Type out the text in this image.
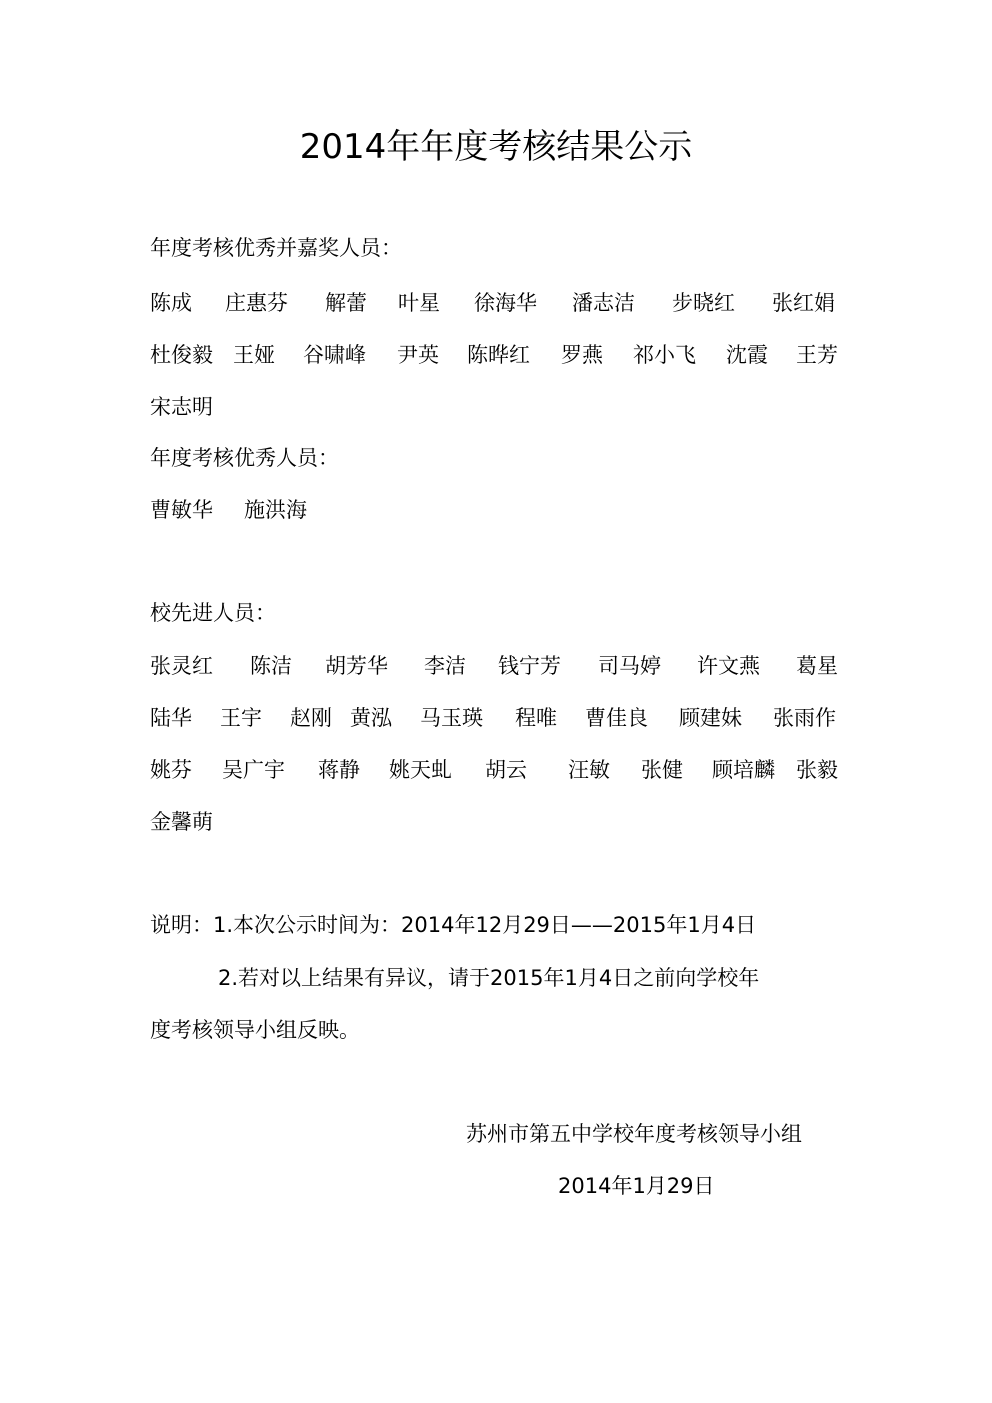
2014年年度考核结果公示
年度考核优秀并嘉奖人员：
陈成 庄惠芬 解蕾 叶星 徐海华 潘志洁 步晓红 张红娟
杜俊毅 王娅 谷啸峰 尹英 陈晔红 罗燕 祁小飞 沈霞 王芳
宋志明
年度考核优秀人员：
曹敏华 施洪海
校先进人员：
张灵红 陈洁 胡芳华 李洁 钱宁芳 司马婷 许文燕 葛星
陆华 王宇 赵刚 黄泓 马玉瑛 程唯 曹佳良 顾建妹 张雨作
姚芬 吴广宇 蒋静 姚天虬 胡云 汪敏 张健 顾培麟 张毅
金馨萌
说明：1.本次公示时间为：2014年12月29日——2015年1月4日
2.若对以上结果有异议，请于2015年1月4日之前向学校年
度考核领导小组反映。
苏州市第五中学校年度考核领导小组
2014年1月29日
